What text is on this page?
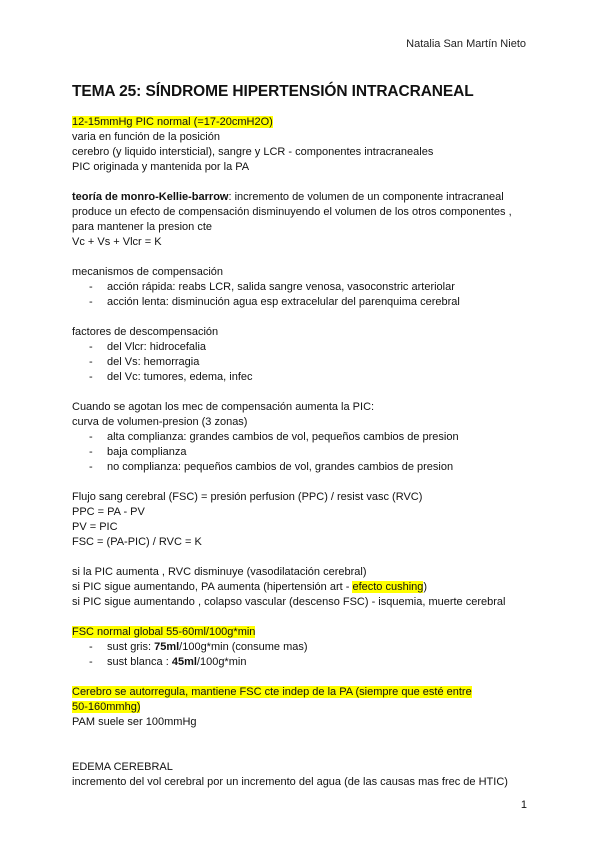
Natalia San Martín Nieto
TEMA 25: SÍNDROME HIPERTENSIÓN INTRACRANEAL
12-15mmHg PIC normal (=17-20cmH2O)
varia en función de la posición
cerebro (y liquido intersticial), sangre y LCR - componentes intracraneales
PIC originada y mantenida por la PA
teoría de monro-Kellie-barrow: incremento de volumen de un componente intracraneal
produce un efecto de compensación disminuyendo el volumen de los otros componentes ,
para mantener la presion cte
Vc + Vs + Vlcr = K
mecanismos de compensación
- acción rápida: reabs LCR, salida sangre venosa, vasoconstric arteriolar
- acción lenta: disminución agua esp extracelular del parenquima cerebral
factores de descompensación
- del Vlcr: hidrocefalia
- del Vs: hemorragia
- del Vc: tumores, edema, infec
Cuando se agotan los mec de compensación aumenta la PIC:
curva de volumen-presion (3 zonas)
- alta complianza: grandes cambios de vol, pequeños cambios de presion
- baja complianza
- no complianza: pequeños cambios de vol, grandes cambios de presion
Flujo sang cerebral (FSC) = presión perfusion (PPC) / resist vasc (RVC)
PPC = PA - PV
PV = PIC
FSC = (PA-PIC) / RVC = K
si la PIC aumenta , RVC disminuye (vasodilatación cerebral)
si PIC sigue aumentando, PA aumenta (hipertensión art - efecto cushing)
si PIC sigue aumentando , colapso vascular (descenso FSC) - isquemia, muerte cerebral
FSC normal global 55-60ml/100g*min
- sust gris: 75ml/100g*min (consume mas)
- sust blanca : 45ml/100g*min
Cerebro se autorregula, mantiene FSC cte indep de la PA (siempre que esté entre
50-160mmhg)
PAM suele ser 100mmHg
EDEMA CEREBRAL
incremento del vol cerebral por un incremento del agua (de las causas mas frec de HTIC)
1
